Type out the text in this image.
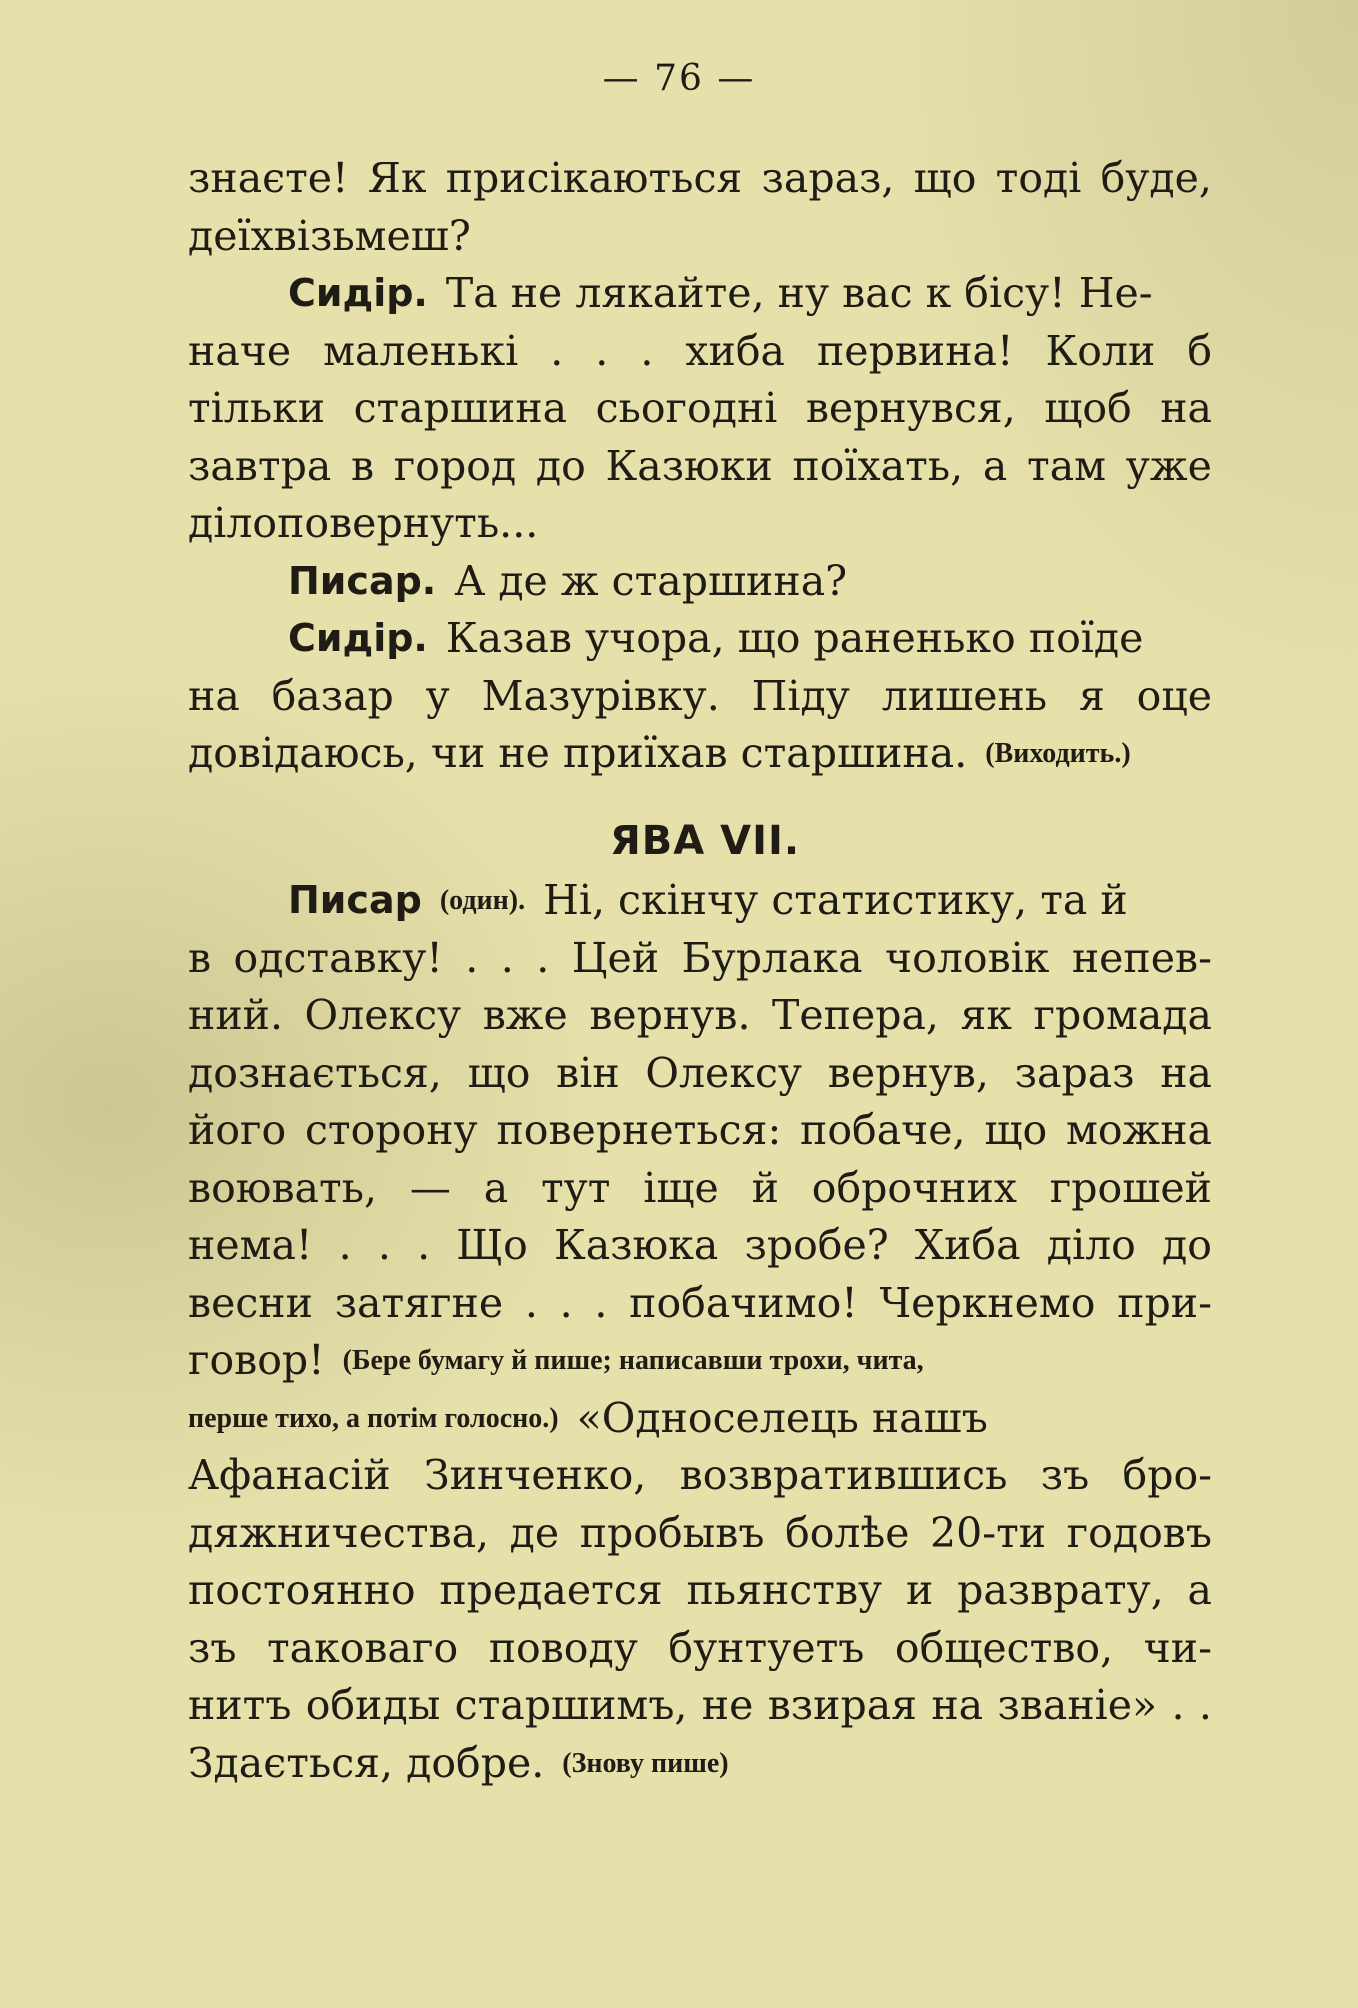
— 76 —
знаєте! Як присікаються зараз, що тоді буде,
де їх візьмеш?
Сидір. Та не лякайте, ну вас к бісу! Не-
наче маленькі . . . хиба первина! Коли б
тільки старшина сьогодні вернувся, щоб на
завтра в город до Казюки поїхать, а там уже
діло повернуть . . .
Писар. А де ж старшина?
Сидір. Казав учора, що раненько поїде
на базар у Мазурівку. Піду лишень я оце
довідаюсь, чи не приїхав старшина. (Виходить.)
ЯВА VII.
Писар (один). Ні, скінчу статистику, та й
в одставку! . . . Цей Бурлака чоловік непев-
ний. Олексу вже вернув. Тепера, як громада
дознається, що він Олексу вернув, зараз на
його сторону повернеться: побаче, що можна
воювать, — а тут іще й оброчних грошей
нема! . . . Що Казюка зробе? Хиба діло до
весни затягне . . . побачимо! Черкнемо при-
говор! (Бере бумагу й пише; написавши трохи, чита,
перше тихо, а потім голосно.) «Односелець нашъ
Афанасій Зинченко, возвратившись зъ бро-
дяжничества, де пробывъ болѣе 20-ти годовъ
постоянно предается пьянству и разврату, а
зъ таковаго поводу бунтуетъ общество, чи-
нитъ обиды старшимъ, не взирая на званіе» . .
Здається, добре. (Знову пише)
